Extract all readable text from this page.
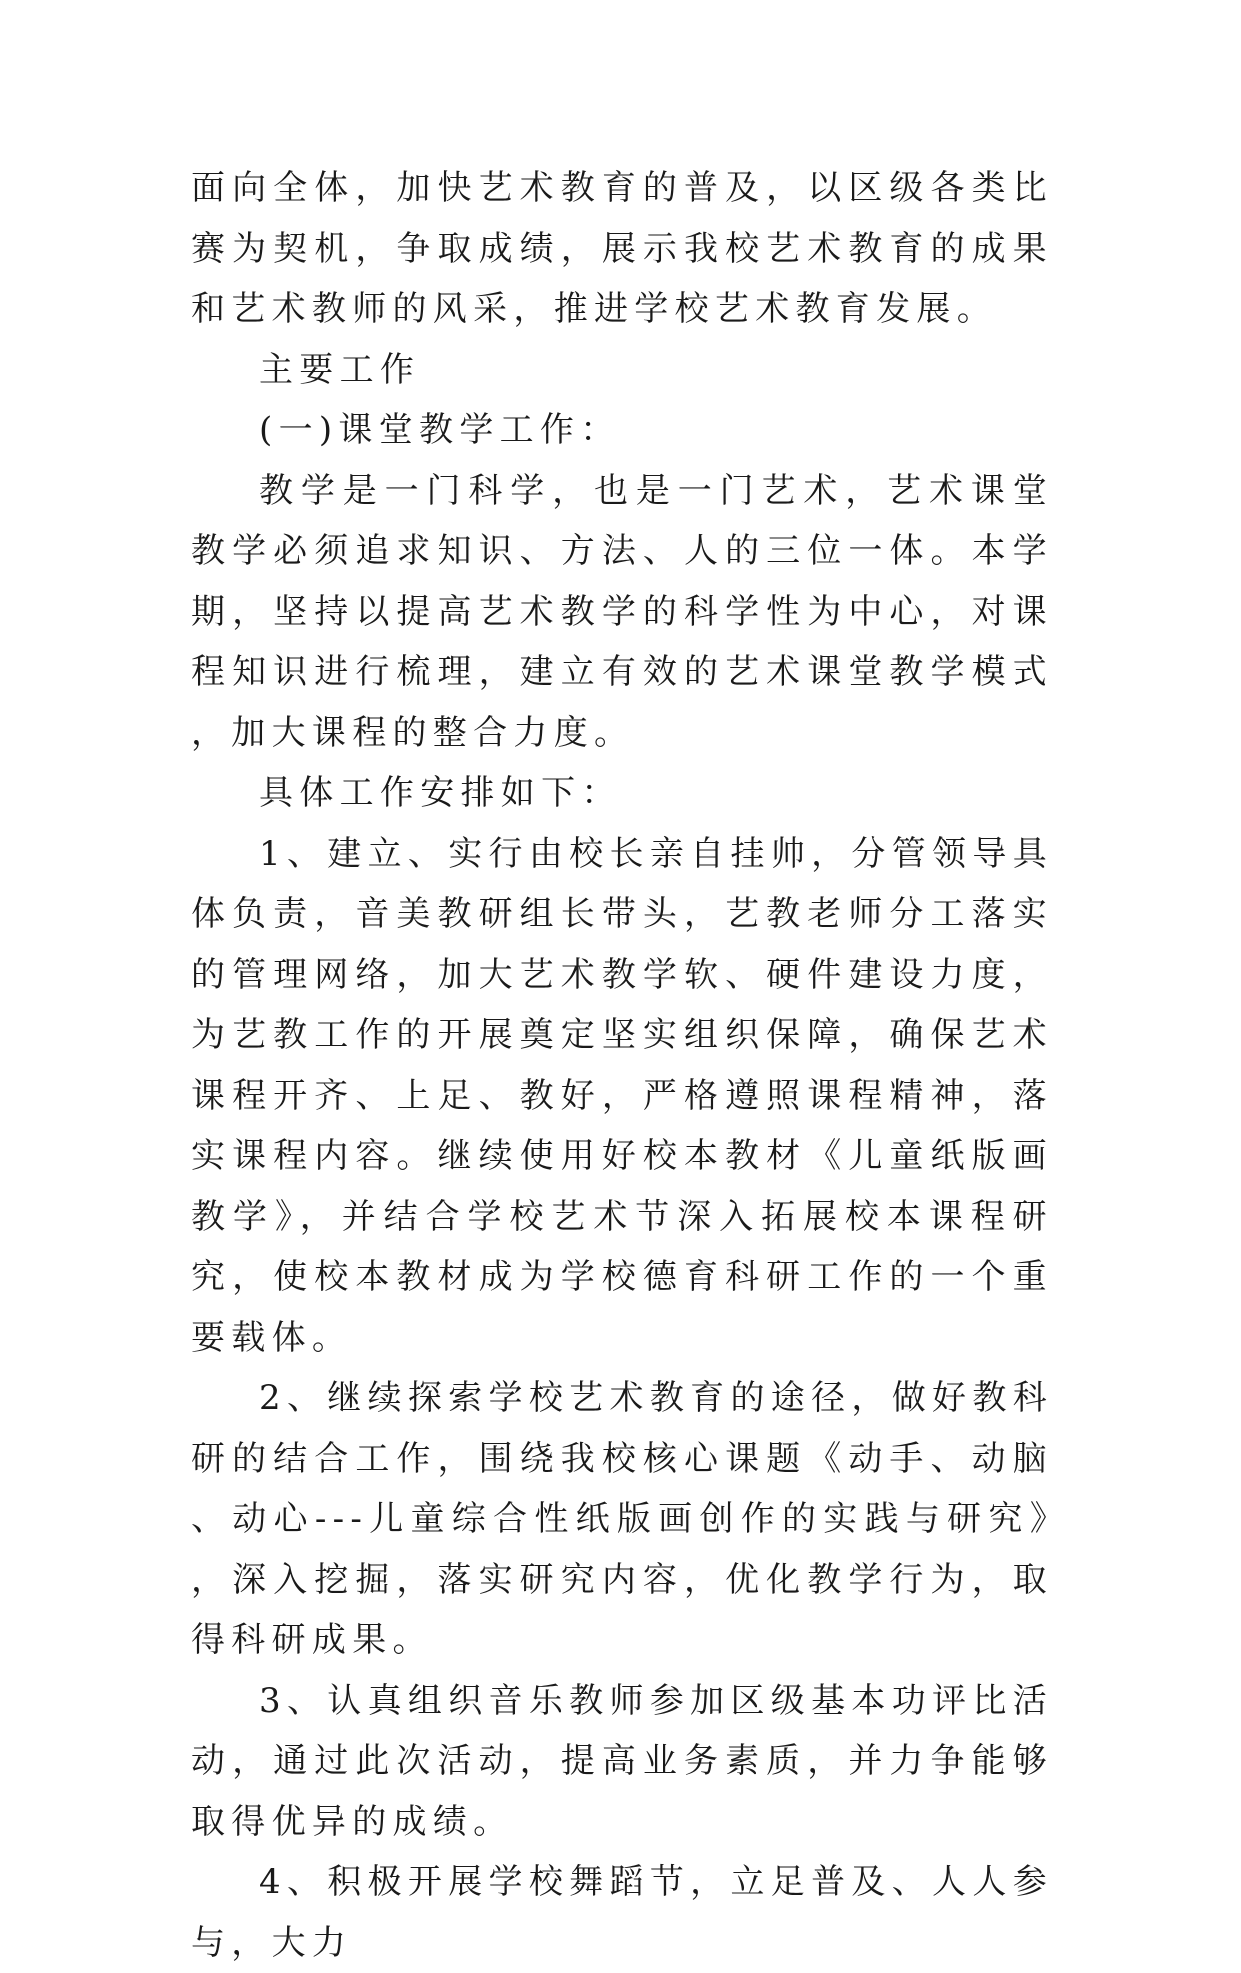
面向全体，加快艺术教育的普及，以区级各类比赛为契机，争取成绩，展示我校艺术教育的成果和艺术教师的风采，推进学校艺术教育发展。

主要工作

(一)课堂教学工作：

教学是一门科学，也是一门艺术，艺术课堂教学必须追求知识、方法、人的三位一体。本学期，坚持以提高艺术教学的科学性为中心，对课程知识进行梳理，建立有效的艺术课堂教学模式，加大课程的整合力度。

具体工作安排如下：

1、建立、实行由校长亲自挂帅，分管领导具体负责，音美教研组长带头，艺教老师分工落实的管理网络，加大艺术教学软、硬件建设力度，为艺教工作的开展奠定坚实组织保障，确保艺术课程开齐、上足、教好，严格遵照课程精神，落实课程内容。继续使用好校本教材《儿童纸版画教学》，并结合学校艺术节深入拓展校本课程研究，使校本教材成为学校德育科研工作的一个重要载体。

2、继续探索学校艺术教育的途径，做好教科研的结合工作，围绕我校核心课题《动手、动脑、动心---儿童综合性纸版画创作的实践与研究》，深入挖掘，落实研究内容，优化教学行为，取得科研成果。

3、认真组织音乐教师参加区级基本功评比活动，通过此次活动，提高业务素质，并力争能够取得优异的成绩。

4、积极开展学校舞蹈节，立足普及、人人参与，大力
